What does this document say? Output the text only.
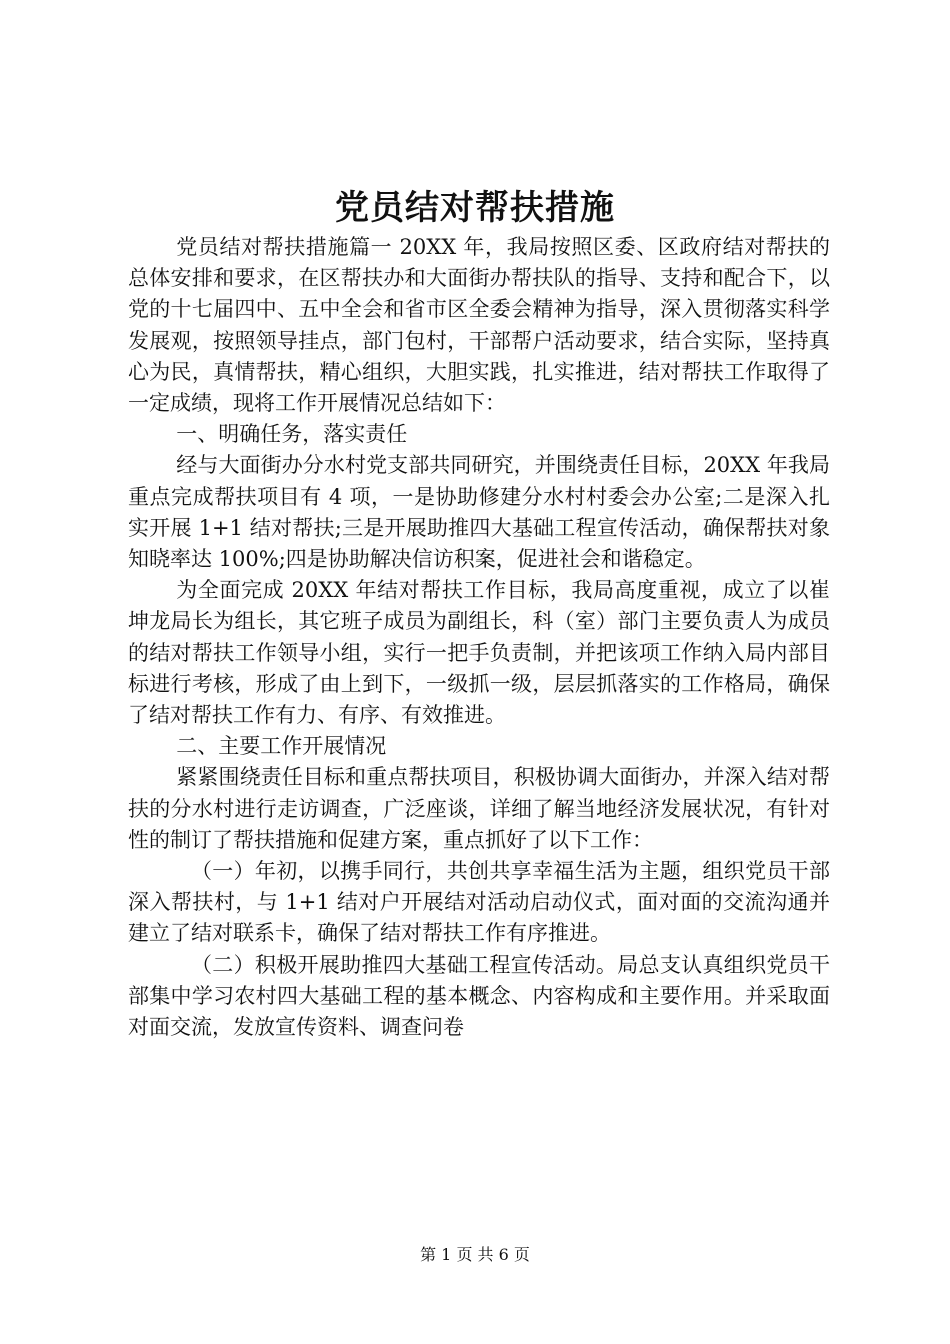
党员结对帮扶措施

党员结对帮扶措施篇一 20XX 年，我局按照区委、区政府结对帮扶的总体安排和要求，在区帮扶办和大面街办帮扶队的指导、支持和配合下，以党的十七届四中、五中全会和省市区全委会精神为指导，深入贯彻落实科学发展观，按照领导挂点，部门包村，干部帮户活动要求，结合实际，坚持真心为民，真情帮扶，精心组织，大胆实践，扎实推进，结对帮扶工作取得了一定成绩，现将工作开展情况总结如下：

一、明确任务，落实责任

经与大面街办分水村党支部共同研究，并围绕责任目标，20XX 年我局重点完成帮扶项目有 4 项，一是协助修建分水村村委会办公室;二是深入扎实开展 1+1 结对帮扶;三是开展助推四大基础工程宣传活动，确保帮扶对象知晓率达 100%;四是协助解决信访积案，促进社会和谐稳定。

为全面完成 20XX 年结对帮扶工作目标，我局高度重视，成立了以崔坤龙局长为组长，其它班子成员为副组长，科（室）部门主要负责人为成员的结对帮扶工作领导小组，实行一把手负责制，并把该项工作纳入局内部目标进行考核，形成了由上到下，一级抓一级，层层抓落实的工作格局，确保了结对帮扶工作有力、有序、有效推进。

二、主要工作开展情况

紧紧围绕责任目标和重点帮扶项目，积极协调大面街办，并深入结对帮扶的分水村进行走访调查，广泛座谈，详细了解当地经济发展状况，有针对性的制订了帮扶措施和促建方案，重点抓好了以下工作：

（一）年初，以携手同行，共创共享幸福生活为主题，组织党员干部深入帮扶村，与 1+1 结对户开展结对活动启动仪式，面对面的交流沟通并建立了结对联系卡，确保了结对帮扶工作有序推进。

（二）积极开展助推四大基础工程宣传活动。局总支认真组织党员干部集中学习农村四大基础工程的基本概念、内容构成和主要作用。并采取面对面交流，发放宣传资料、调查问卷

第 1 页 共 6 页
